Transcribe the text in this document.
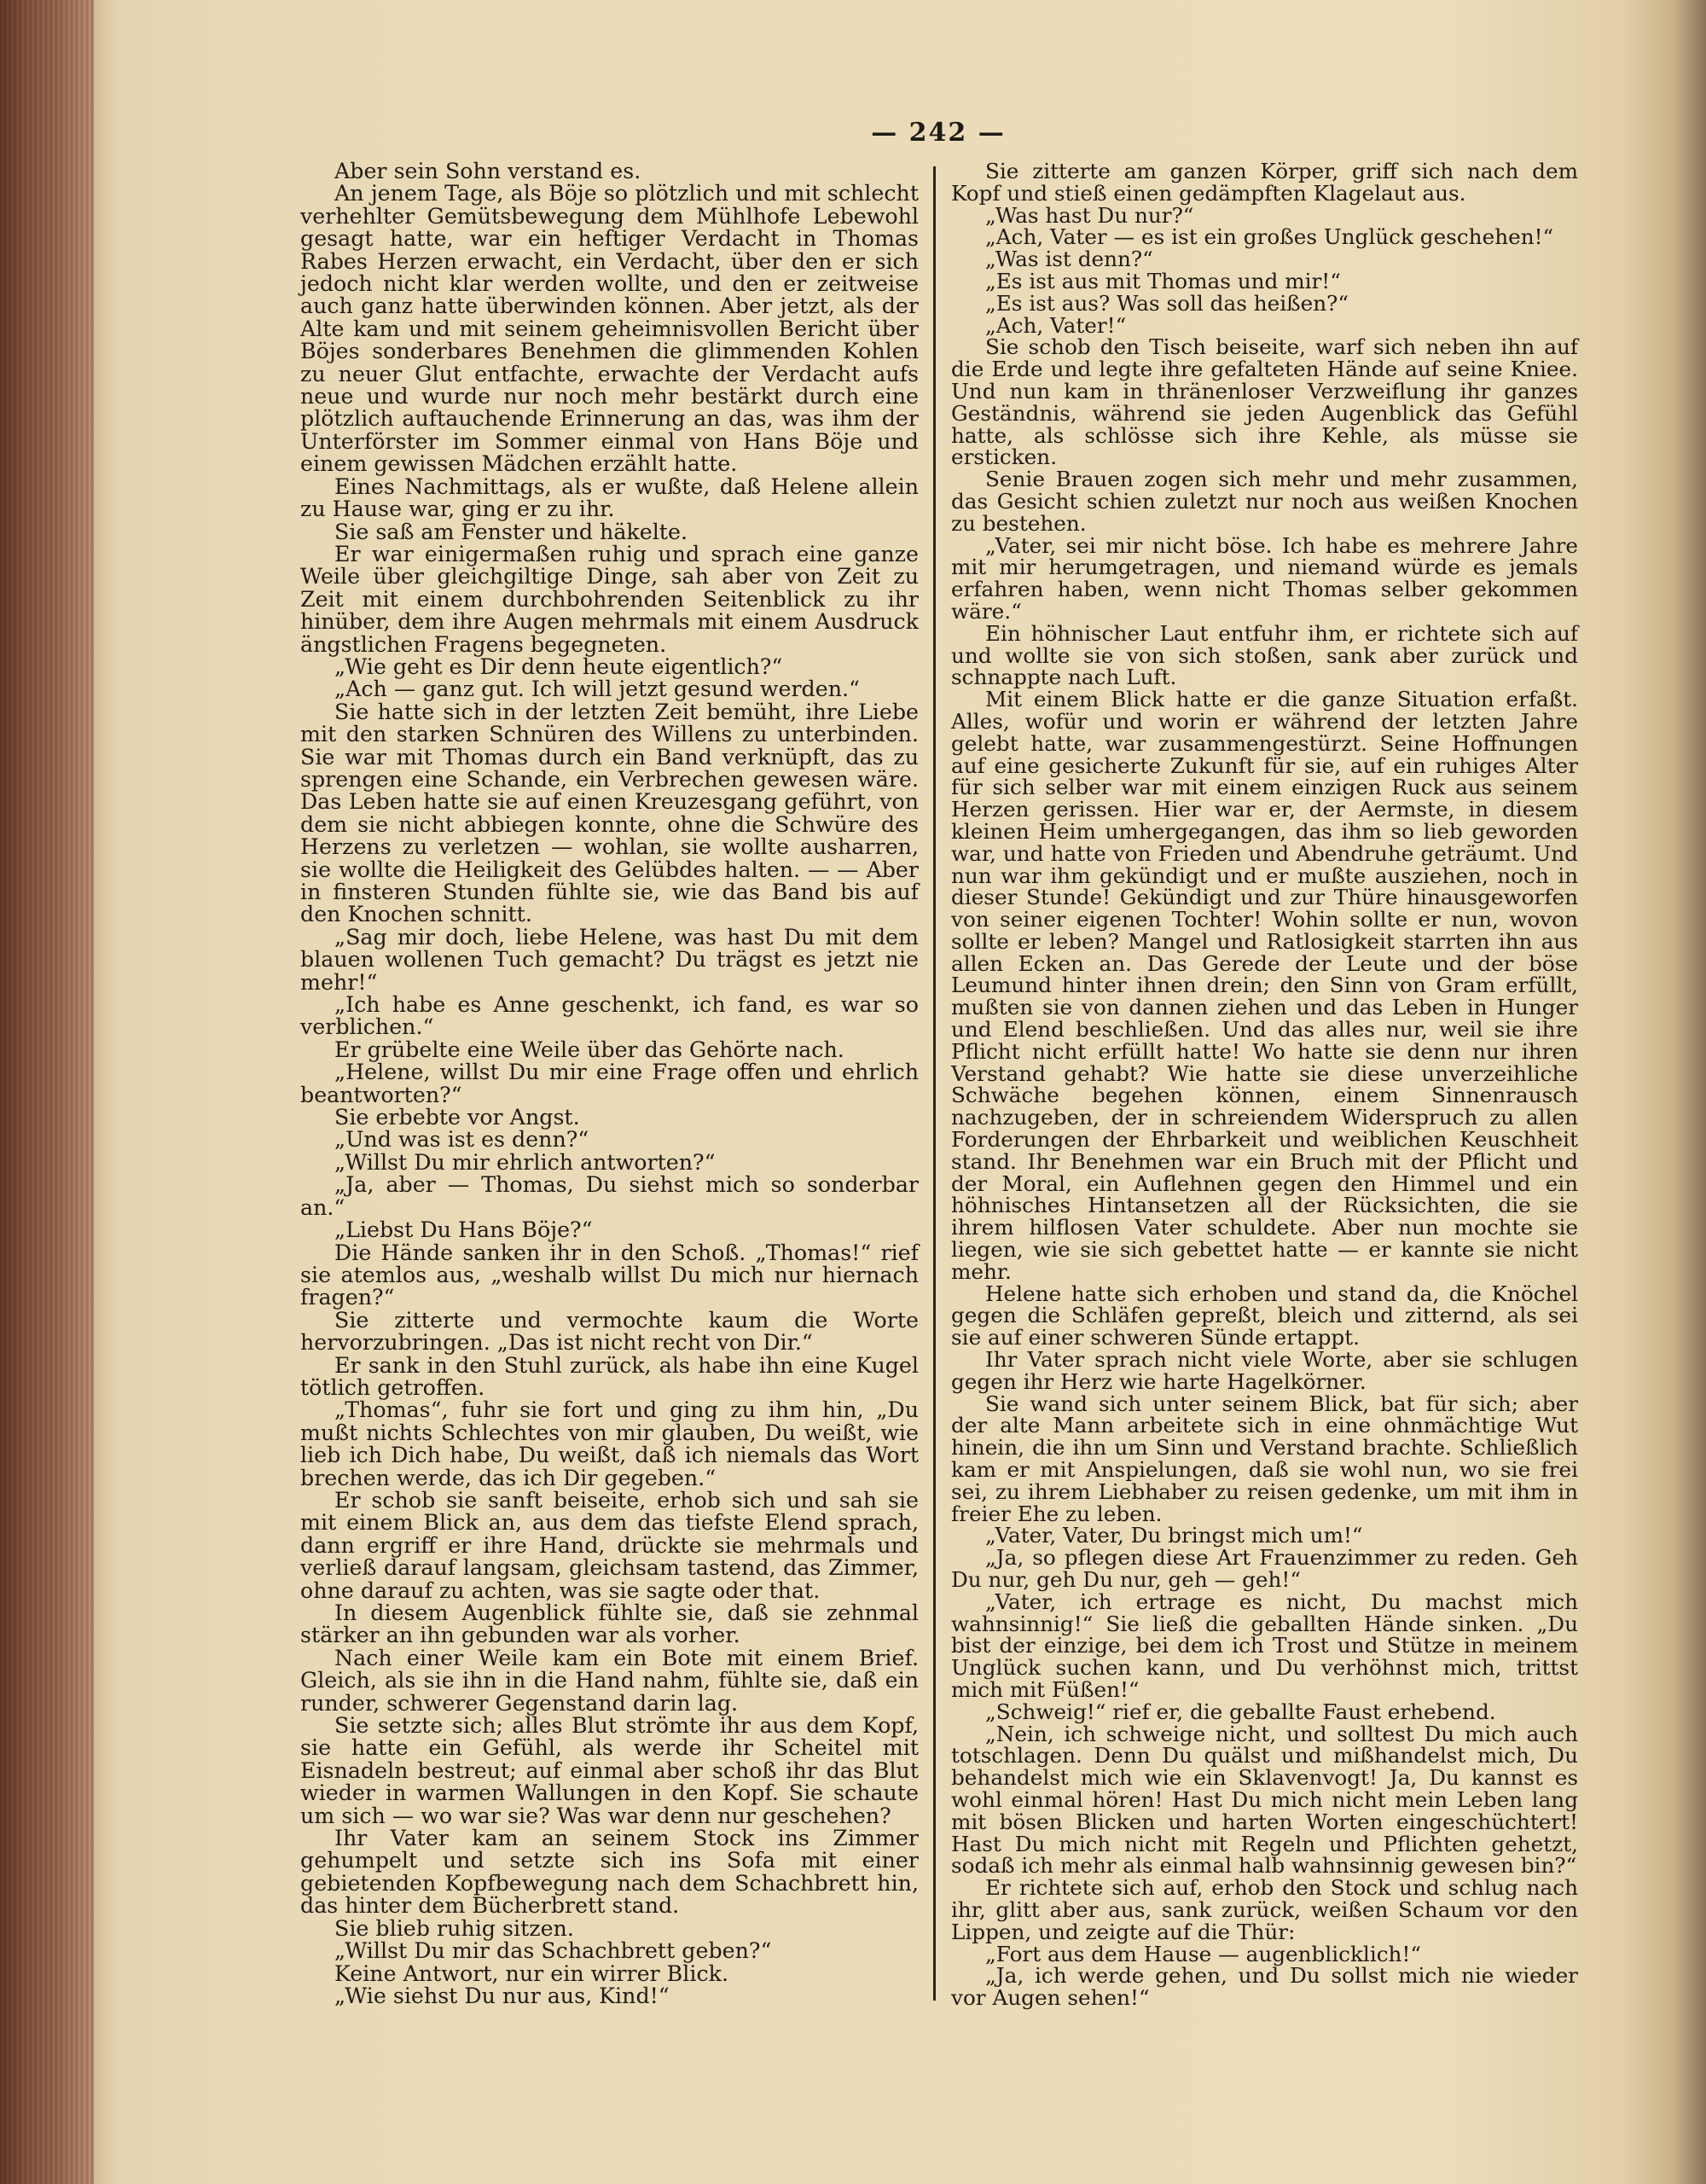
— 242 —

Aber sein Sohn verstand es.

An jenem Tage, als Böje so plötzlich und mit schlecht verhehlter Gemütsbewegung dem Mühlhofe Lebewohl gesagt hatte, war ein heftiger Verdacht in Thomas Rabes Herzen erwacht, ein Verdacht, über den er sich jedoch nicht klar werden wollte, und den er zeitweise auch ganz hatte überwinden können. Aber jetzt, als der Alte kam und mit seinem geheimnisvollen Bericht über Böjes sonderbares Benehmen die glimmenden Kohlen zu neuer Glut entfachte, erwachte der Verdacht aufs neue und wurde nur noch mehr bestärkt durch eine plötzlich auftauchende Erinnerung an das, was ihm der Unterförster im Sommer einmal von Hans Böje und einem gewissen Mädchen erzählt hatte.

Eines Nachmittags, als er wußte, daß Helene allein zu Hause war, ging er zu ihr.

Sie saß am Fenster und häkelte.

Er war einigermaßen ruhig und sprach eine ganze Weile über gleichgiltige Dinge, sah aber von Zeit zu Zeit mit einem durchbohrenden Seitenblick zu ihr hinüber, dem ihre Augen mehrmals mit einem Ausdruck ängstlichen Fragens begegneten.

„Wie geht es Dir denn heute eigentlich?“

„Ach — ganz gut. Ich will jetzt gesund werden.“

Sie hatte sich in der letzten Zeit bemüht, ihre Liebe mit den starken Schnüren des Willens zu unterbinden. Sie war mit Thomas durch ein Band verknüpft, das zu sprengen eine Schande, ein Verbrechen gewesen wäre. Das Leben hatte sie auf einen Kreuzesgang geführt, von dem sie nicht abbiegen konnte, ohne die Schwüre des Herzens zu verletzen — wohlan, sie wollte ausharren, sie wollte die Heiligkeit des Gelübdes halten. — — Aber in finsteren Stunden fühlte sie, wie das Band bis auf den Knochen schnitt.

„Sag mir doch, liebe Helene, was hast Du mit dem blauen wollenen Tuch gemacht? Du trägst es jetzt nie mehr!“

„Ich habe es Anne geschenkt, ich fand, es war so verblichen.“

Er grübelte eine Weile über das Gehörte nach.

„Helene, willst Du mir eine Frage offen und ehrlich beantworten?“

Sie erbebte vor Angst.

„Und was ist es denn?“

„Willst Du mir ehrlich antworten?“

„Ja, aber — Thomas, Du siehst mich so sonderbar an.“

„Liebst Du Hans Böje?“

Die Hände sanken ihr in den Schoß. „Thomas!“ rief sie atemlos aus, „weshalb willst Du mich nur hiernach fragen?“

Sie zitterte und vermochte kaum die Worte hervorzubringen. „Das ist nicht recht von Dir.“

Er sank in den Stuhl zurück, als habe ihn eine Kugel tötlich getroffen.

„Thomas“, fuhr sie fort und ging zu ihm hin, „Du mußt nichts Schlechtes von mir glauben, Du weißt, wie lieb ich Dich habe, Du weißt, daß ich niemals das Wort brechen werde, das ich Dir gegeben.“

Er schob sie sanft beiseite, erhob sich und sah sie mit einem Blick an, aus dem das tiefste Elend sprach, dann ergriff er ihre Hand, drückte sie mehrmals und verließ darauf langsam, gleichsam tastend, das Zimmer, ohne darauf zu achten, was sie sagte oder that.

In diesem Augenblick fühlte sie, daß sie zehnmal stärker an ihn gebunden war als vorher.

Nach einer Weile kam ein Bote mit einem Brief. Gleich, als sie ihn in die Hand nahm, fühlte sie, daß ein runder, schwerer Gegenstand darin lag.

Sie setzte sich; alles Blut strömte ihr aus dem Kopf, sie hatte ein Gefühl, als werde ihr Scheitel mit Eisnadeln bestreut; auf einmal aber schoß ihr das Blut wieder in warmen Wallungen in den Kopf. Sie schaute um sich — wo war sie? Was war denn nur geschehen?

Ihr Vater kam an seinem Stock ins Zimmer gehumpelt und setzte sich ins Sofa mit einer gebietenden Kopfbewegung nach dem Schachbrett hin, das hinter dem Bücherbrett stand.

Sie blieb ruhig sitzen.

„Willst Du mir das Schachbrett geben?“

Keine Antwort, nur ein wirrer Blick.

„Wie siehst Du nur aus, Kind!“

Sie zitterte am ganzen Körper, griff sich nach dem Kopf und stieß einen gedämpften Klagelaut aus.

„Was hast Du nur?“

„Ach, Vater — es ist ein großes Unglück geschehen!“

„Was ist denn?“

„Es ist aus mit Thomas und mir!“

„Es ist aus? Was soll das heißen?“

„Ach, Vater!“

Sie schob den Tisch beiseite, warf sich neben ihn auf die Erde und legte ihre gefalteten Hände auf seine Kniee. Und nun kam in thränenloser Verzweiflung ihr ganzes Geständnis, während sie jeden Augenblick das Gefühl hatte, als schlösse sich ihre Kehle, als müsse sie ersticken.

Senie Brauen zogen sich mehr und mehr zusammen, das Gesicht schien zuletzt nur noch aus weißen Knochen zu bestehen.

„Vater, sei mir nicht böse. Ich habe es mehrere Jahre mit mir herumgetragen, und niemand würde es jemals erfahren haben, wenn nicht Thomas selber gekommen wäre.“

Ein höhnischer Laut entfuhr ihm, er richtete sich auf und wollte sie von sich stoßen, sank aber zurück und schnappte nach Luft.

Mit einem Blick hatte er die ganze Situation erfaßt. Alles, wofür und worin er während der letzten Jahre gelebt hatte, war zusammengestürzt. Seine Hoffnungen auf eine gesicherte Zukunft für sie, auf ein ruhiges Alter für sich selber war mit einem einzigen Ruck aus seinem Herzen gerissen. Hier war er, der Aermste, in diesem kleinen Heim umhergegangen, das ihm so lieb geworden war, und hatte von Frieden und Abendruhe geträumt. Und nun war ihm gekündigt und er mußte ausziehen, noch in dieser Stunde! Gekündigt und zur Thüre hinausgeworfen von seiner eigenen Tochter! Wohin sollte er nun, wovon sollte er leben? Mangel und Ratlosigkeit starrten ihn aus allen Ecken an. Das Gerede der Leute und der böse Leumund hinter ihnen drein; den Sinn von Gram erfüllt, mußten sie von dannen ziehen und das Leben in Hunger und Elend beschließen. Und das alles nur, weil sie ihre Pflicht nicht erfüllt hatte! Wo hatte sie denn nur ihren Verstand gehabt? Wie hatte sie diese unverzeihliche Schwäche begehen können, einem Sinnenrausch nachzugeben, der in schreiendem Widerspruch zu allen Forderungen der Ehrbarkeit und weiblichen Keuschheit stand. Ihr Benehmen war ein Bruch mit der Pflicht und der Moral, ein Auflehnen gegen den Himmel und ein höhnisches Hintansetzen all der Rücksichten, die sie ihrem hilflosen Vater schuldete. Aber nun mochte sie liegen, wie sie sich gebettet hatte — er kannte sie nicht mehr.

Helene hatte sich erhoben und stand da, die Knöchel gegen die Schläfen gepreßt, bleich und zitternd, als sei sie auf einer schweren Sünde ertappt.

Ihr Vater sprach nicht viele Worte, aber sie schlugen gegen ihr Herz wie harte Hagelkörner.

Sie wand sich unter seinem Blick, bat für sich; aber der alte Mann arbeitete sich in eine ohnmächtige Wut hinein, die ihn um Sinn und Verstand brachte. Schließlich kam er mit Anspielungen, daß sie wohl nun, wo sie frei sei, zu ihrem Liebhaber zu reisen gedenke, um mit ihm in freier Ehe zu leben.

„Vater, Vater, Du bringst mich um!“

„Ja, so pflegen diese Art Frauenzimmer zu reden. Geh Du nur, geh Du nur, geh — geh!“

„Vater, ich ertrage es nicht, Du machst mich wahnsinnig!“ Sie ließ die geballten Hände sinken. „Du bist der einzige, bei dem ich Trost und Stütze in meinem Unglück suchen kann, und Du verhöhnst mich, trittst mich mit Füßen!“

„Schweig!“ rief er, die geballte Faust erhebend.

„Nein, ich schweige nicht, und solltest Du mich auch totschlagen. Denn Du quälst und mißhandelst mich, Du behandelst mich wie ein Sklavenvogt! Ja, Du kannst es wohl einmal hören! Hast Du mich nicht mein Leben lang mit bösen Blicken und harten Worten eingeschüchtert! Hast Du mich nicht mit Regeln und Pflichten gehetzt, sodaß ich mehr als einmal halb wahnsinnig gewesen bin?“

Er richtete sich auf, erhob den Stock und schlug nach ihr, glitt aber aus, sank zurück, weißen Schaum vor den Lippen, und zeigte auf die Thür:

„Fort aus dem Hause — augenblicklich!“

„Ja, ich werde gehen, und Du sollst mich nie wieder vor Augen sehen!“
